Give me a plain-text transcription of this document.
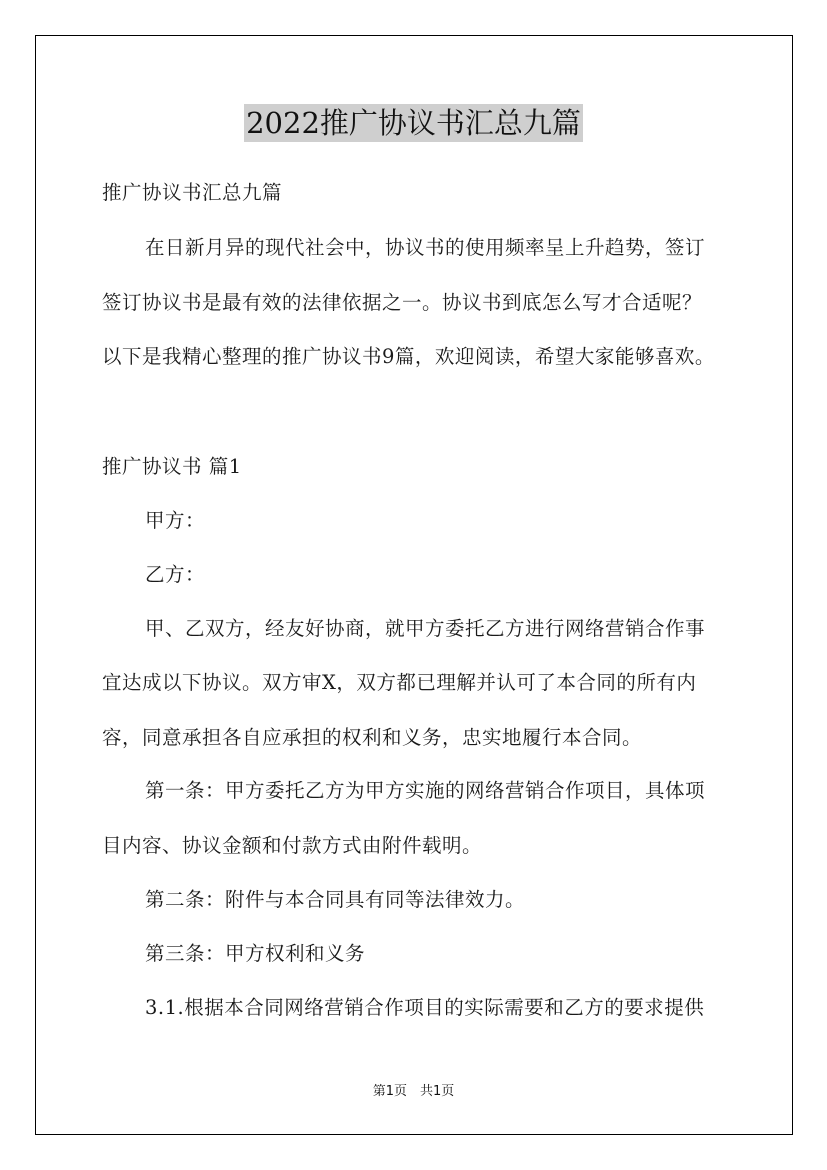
2022推广协议书汇总九篇
推广协议书汇总九篇
在日新月异的现代社会中，协议书的使用频率呈上升趋势，签订
签订协议书是最有效的法律依据之一。协议书到底怎么写才合适呢？
以下是我精心整理的推广协议书9篇，欢迎阅读，希望大家能够喜欢。
推广协议书 篇1
甲方：
乙方：
甲、乙双方，经友好协商，就甲方委托乙方进行网络营销合作事
宜达成以下协议。双方审X，双方都已理解并认可了本合同的所有内
容，同意承担各自应承担的权利和义务，忠实地履行本合同。
第一条：甲方委托乙方为甲方实施的网络营销合作项目，具体项
目内容、协议金额和付款方式由附件载明。
第二条：附件与本合同具有同等法律效力。
第三条：甲方权利和义务
3.1.根据本合同网络营销合作项目的实际需要和乙方的要求提供
第1页　共1页
